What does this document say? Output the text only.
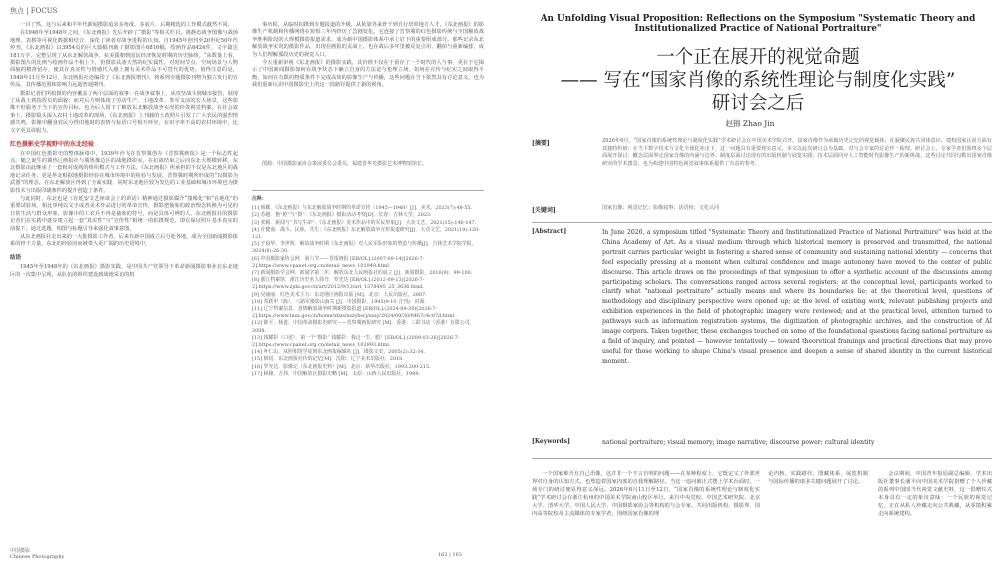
焦点 | FOCUS

一目了然。这与后来和平年代新闻摄影追求多角度、多底片、后期精选的工作模式截然不同。

在1946年至1948年之间，《东北画报》先后开辟了“摄影”等相关栏目，将静态战争图像与战场地理、表格等可视化数据相结合，深化了读者对战争进程的认知。自1945年创刊至20世纪50年代停刊，《东北画报》以3954页的巨大篇幅刊载了摄影图片6816幅，绘画作品6424件，文字篇达181万字，完整呈现了从东北解放战争、抗美援朝到国民经济恢复时期的历史脉络。“从数量上看，摄影图片的比例与绘画作品不相上下，但摄影具备天然的纪实属性，对时间节点、空间场景与人物面貌的精准留存，使其在真实性与情感代入感上拥有美术作品不可替代的优势。值得注意的是，1948年11月至12月，东北画报社还编印了《东北画报增刊》，将系列专题摄影刊物为独立发行的宣传品，其传播范围和影响力远超普通期刊。

摄影记者们所拍摄的内容覆盖了两个层面的叙事：在战争叙事上，从攻坚战斗到城市接管，展现了从战士到指挥员的面貌；而对后方则体现了劳动生产、土地改革、参军支前的宏大场景，这些影像不但服务于当下的宣传目标，也为后人留下了解放东北解放战争实况的珍贵视觉档案。在社会叙事上，摄影镜头深入农村土地改革的现场，《东北画报》上刊载的土改照片引发了广大农民的强烈情感共鸣，影像中翻身农民分得田地时的表情与标语口号相互呼应，在识字率不高的农村环境中，比文字更具说服力。

红色摄影史学视野中的东北经验

在中国红色摄影史的整体脉络中，1939年沙飞在晋察冀创办《晋察冀画报》是一个标志性起点。随之诞生的冀热辽画报社与冀鲁豫边区的战地摄影室，在抗战结束之后向东北大规模转移。东北摄影由此继承了一套相对成熟的组织模式与工作方法。《东北画报》所承担的不仅是东北地区的战地记录任务，更是华北根据地摄影经验在城市环境中的检验与发展。晋察冀时期所形成的“以摄影为武器”的理念，在东北解放区得到了全面实践，同时东北地区较为发达的工业基础和城市环境也为摄影技术与出版印刷条件的提升创造了条件。

与此同时，东北也是《在延安文艺座谈会上的讲话》精神通过摄影媒介“图像化”和“在地化”的重要试验场。相比单纯以文字或者美术作品进行的革命宣传，摄影把抽象的政治理念转换为可见的日常生活与群众形象，影像中的工农兵不再是抽象的符号，而是具体可辨的人。东北画报社的摄影记者们在实践中逐步建立起一套“真实性”与“宣传性”相统一的拍摄规范，即在保证照片基本真实的前提下，通过选题、构图与标题引导来强化叙事意图。

从东北画报社走出来的一大批摄影工作者，后来在新中国成立后分赴各地，成为全国新闻摄影体系的骨干力量，东北的经验因而被带入更广阔的历史语境中。

结语

1945年至1948年的《东北画报》摄影实践，是中国共产党领导下革命新闻摄影事业在东北地区的一次集中呈现，从队伍的组织建设到战地采访的机

事历程，从临时拍摄到专题报道的升级，从依靠外来骨干到自行培训地方人才，《东北画报》的影像生产机制和传播网络在短短三年内经历了急剧变化。它连接了晋察冀的红色摄影传统与全国解放战争胜利阶段的大规模摄影报道需求，成为新中国摄影体系中承上启下的重要组成部分。那些记录东北解放战争实况的摄影作品，出现在画报的页面上，也在战后多年里被反复引用、翻拍与重新编排，成为人们理解那段历史的视觉入口。

今天重新审视《东北画报》的摄影实践，其价值不仅在于留存了一个时代的人与事，更在于它揭示了中国新闻摄影如何在战争状态下确立自身的方法论与伦理立场。如何在宣传与纪实之间取得平衡，如何在有限的物质条件下完成高效的影像生产与传播，这些问题在当下依然具有讨论意义，也为我们重新认识中国摄影史上的这一段路径提供了新的视角。

图源：中国摄影家协会策展委员会委员，福建省华光摄影艺术博物馆馆长。
注释：
[1] 杨耀．《东北画报》与东北解放战争时期的革命宣传（1945—1948）[J]．美术，2023(7):48-55.
[2] 苏越．抱“枪”与“摄”：《东北画报》摄影活动考察[D]．长春：吉林大学，2023.
[3] 张稹．新闻与“书写生命”：《东北画报》美术作品中的军民形象[J]．大众文艺，2021(15):146-147.
[4] 许健南．战斗、民族、共生：《东北画报》东北解放战争宣传报道研究[J]．大众文艺，2021(19):120-121.
[5] 于晨华，李世辉．解放战争时期《东北画报》对人民军队形象的塑造与传播[J]．吉林艺术学院学报，2024(6):26-30.
[6] 中国摄影家协会网．第六节——晋绥画报 [EB/OL].(2007-09-14)[2026-7-2].https://www.cpanet.org.cn/detail_news_101949.html.
[7] 新闻摄影学会网．新闻学第二年，解放东北人民画报社的成立 [J]．新闻摄影，2016(9)：99-100.
[8] 浙江档案馆．浙江历史名人简介．罗光达 [EB/OL].(2012-09-13)[2026-7-2].https://www.zjda.gov.cn/art/2012/9/13/art_1378495_25_3636.html.
[9] 吴丽丽．红色美术主力：东北地区画报出版 [M]．北京：人民出版社，2007.
[10] 常跃甲（陈）．八路军摄影山海关 [J]．中国摄影，1945(9-10 合刊)：封面.
[11] 辽宁档案信息．盘锦解放战争时期新摄影报道 [EB/OL].(2024-09-30)[2026-7-2].https://www.lnzx.gov.cn/home/xbzs/xszybscj/xssy/2024/09/30/6467c4c07d.html.
[12] 陈平，杨进．中国革命摄影史研究——晋察冀画报研究 [M]．香港：三联书店（香港）有限公司，2008.
[13] 钱耀彩（口述）．第一个“摄影” 钱耀彩：我这一生．腊！[EB/OL].(2009-03-26)[2026-7-2].https://www.cpanet.org.cn/detail_news_102993.html.
[14] 叶仁山．从照相馆学徒到东北画报编辑社 [J]．摄影文史，2005(2):32-34.
[15] 韩钊．东北画报社传的记忆[M]．沈阳：辽宁美术出版社，2018.
[16] 罗光达．影像记（东北画报史料）[M]．北京：新华出版社，1993:200-215.
[17] 顾棣，方伟．中国解放区摄影史略 [M]．太原：山西人民出版社，1989.
中国摄影
Chinese Photography	162 | 163
An Unfolding Visual Proposition: Reflections on the Symposium "Systematic Theory and Institutionalized Practice of National Portraiture"
一个正在展开的视觉命题
—— 写在“国家肖像的系统性理论与制度化实践”
研讨会之后
赵锦 Zhao Jin
[摘要]	2026年6月，“国家肖像的系统性理论与制度化实践”学术研讨会在中国美术学院召开。国家肖像作为承载历史记忆的视觉载体，在凝聚民族共同体意识、建构国家认同方面有其独特价值：在当下数字技术与文化全球化冲击下，这一问题具有重要现实意义，本文以此次研讨会为基础，对与会专家的讨论作一梳理。研讨会上，专家学者们围绕多个层面展开探讨：概念层面界定国家肖像的内涵与边界；制度层面讨论现有的出版机制与展览实践；技术层面回应人工智能时代影像生产的新挑战。这些讨论共同勾勒出国家肖像研究的学术图景，也为构建中国特色视觉叙事体系提供了有益的参考。
[关键词]	国家肖像；视觉记忆；影像叙事；话语权；文化认同
[Abstract]	In June 2026, a symposium titled "Systematic Theory and Institutionalized Practice of National Portraiture" was held at the China Academy of Art. As a visual medium through which historical memory is preserved and transmitted, the national portrait carries particular weight in fostering a shared sense of community and sustaining national identity — concerns that feel especially pressing at a moment when cultural confidence and image autonomy have moved to the center of public discourse. This article draws on the proceedings of that symposium to offer a synthetic account of the discussions among participating scholars. The conversations ranged across several registers: at the conceptual level, participants worked to clarify what "national portraiture" actually means and where its boundaries lie; at the theoretical level, questions of methodology and disciplinary perspective were opened up; at the level of existing work, relevant publishing projects and exhibition experiences in the field of photographic imagery were reviewed; and at the practical level, attention turned to pathways such as information registration systems, the digitization of photographic archives, and the construction of AI image corpora. Taken together, these exchanges touched on some of the foundational questions facing national portraiture as a field of inquiry, and pointed — however tentatively — toward theoretical framings and practical directions that may prove useful for those working to shape China's visual presence and deepen a sense of shared identity in the current historical moment.
[Keywords]	national portraiture; visual memory; image narrative; discourse power; cultural identity

一个国家难否有自己语像，这并非一个不言自明的问题——在某种程度上，它既定义了外部世界对自身的认知方式，也塑造着国家内部的自我理解路径。当这一追问被正式摆上学术台面时，一场专门的研讨便显得意义深远。2026年6月11日至12日，“国家肖像的系统性理论与制度化实践”学术研讨会在浙江杭州的中国美术学院南山校区举行。来自中央党校、中国艺术研究院、北京大学、清华大学、中国人民大学、中国摄影家协会等机构的与会专家，共同出版机构、摄影界、国内高等院校及主流媒体的专家学者，围绕国家肖像的理

论内核、实践路径、图藏体系、展览机制与国际传播的诸多关键问题展开了讨论。

会议期间，中国青年报原副总编辑、学术出版社董事长潘平向中国美术学院捐赠了个人珍藏的系列中国国当代视觉文献史料，这一捐赠仪式本身具有一定的象征意味：一个民族的视觉记忆，正在从私人珍藏走向公共典藏，从零散积累走向系统建构。
